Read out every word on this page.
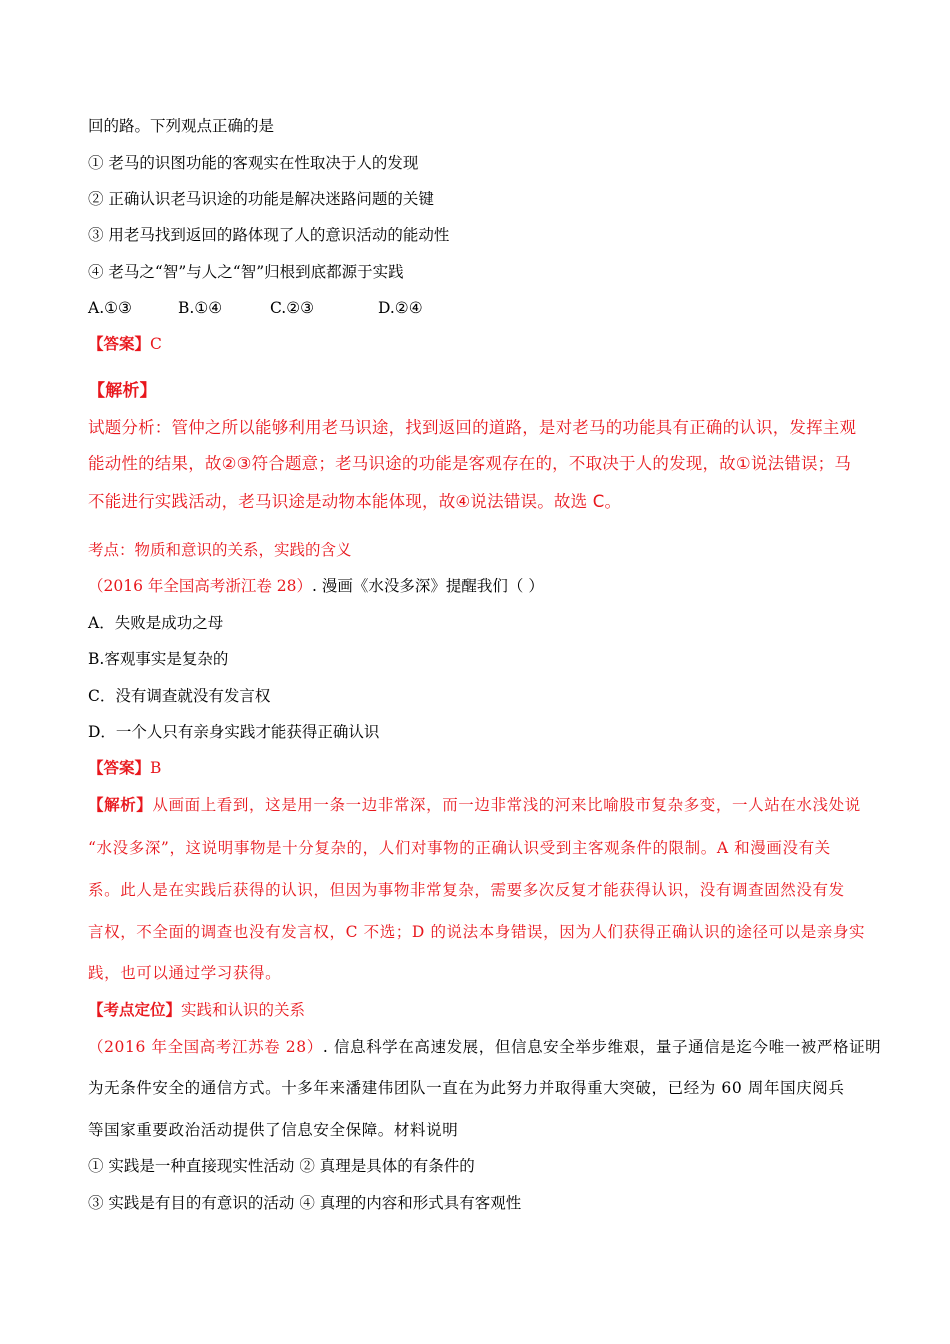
回的路。下列观点正确的是
① 老马的识图功能的客观实在性取决于人的发现
② 正确认识老马识途的功能是解决迷路问题的关键
③ 用老马找到返回的路体现了人的意识活动的能动性
④ 老马之“智”与人之“智”归根到底都源于实践
A.①③	B.①④	C.②③	D.②④
【答案】C
【解析】
试题分析：管仲之所以能够利用老马识途，找到返回的道路，是对老马的功能具有正确的认识，发挥主观
能动性的结果，故②③符合题意；老马识途的功能是客观存在的，不取决于人的发现，故①说法错误；马
不能进行实践活动，老马识途是动物本能体现，故④说法错误。故选 C。
考点：物质和意识的关系，实践的含义
（2016 年全国高考浙江卷 28）. 漫画《水没多深》提醒我们（ ）
A．失败是成功之母
B.客观事实是复杂的
C．没有调查就没有发言权
D．一个人只有亲身实践才能获得正确认识
【答案】B
【解析】从画面上看到，这是用一条一边非常深，而一边非常浅的河来比喻股市复杂多变，一人站在水浅处说
“水没多深”，这说明事物是十分复杂的，人们对事物的正确认识受到主客观条件的限制。A 和漫画没有关
系。此人是在实践后获得的认识，但因为事物非常复杂，需要多次反复才能获得认识，没有调查固然没有发
言权，不全面的调查也没有发言权，C 不选；D 的说法本身错误，因为人们获得正确认识的途径可以是亲身实
践，也可以通过学习获得。
【考点定位】实践和认识的关系
（2016 年全国高考江苏卷 28）. 信息科学在高速发展，但信息安全举步维艰，量子通信是迄今唯一被严格证明
为无条件安全的通信方式。十多年来潘建伟团队一直在为此努力并取得重大突破，已经为 60 周年国庆阅兵
等国家重要政治活动提供了信息安全保障。材料说明
① 实践是一种直接现实性活动 ② 真理是具体的有条件的
③ 实践是有目的有意识的活动 ④ 真理的内容和形式具有客观性
